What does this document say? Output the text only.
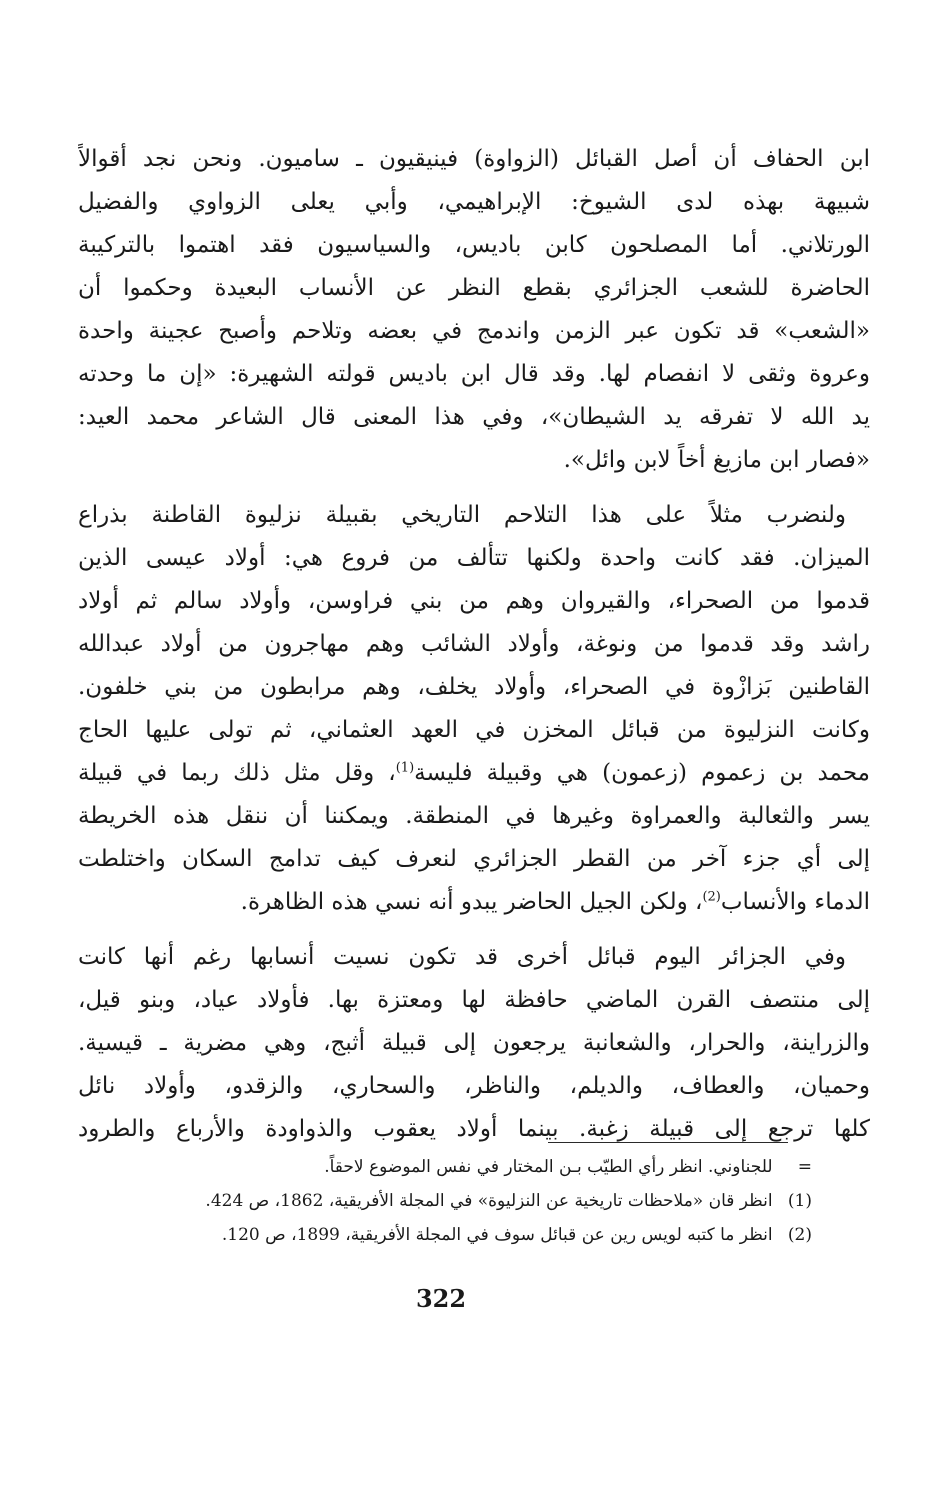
ابن الحفاف أن أصل القبائل (الزواوة) فينيقيون ـ ساميون. ونحن نجد أقوالاً
شبيهة بهذه لدى الشيوخ: الإبراهيمي، وأبي يعلى الزواوي والفضيل
الورتلاني. أما المصلحون كابن باديس، والسياسيون فقد اهتموا بالتركيبة
الحاضرة للشعب الجزائري بقطع النظر عن الأنساب البعيدة وحكموا أن
«الشعب» قد تكون عبر الزمن واندمج في بعضه وتلاحم وأصبح عجينة واحدة
وعروة وثقى لا انفصام لها. وقد قال ابن باديس قولته الشهيرة: «إن ما وحدته
يد الله لا تفرقه يد الشيطان»، وفي هذا المعنى قال الشاعر محمد العيد:
«فصار ابن مازيغ أخاً لابن وائل».
ولنضرب مثلاً على هذا التلاحم التاريخي بقبيلة نزليوة القاطنة بذراع
الميزان. فقد كانت واحدة ولكنها تتألف من فروع هي: أولاد عيسى الذين
قدموا من الصحراء، والقيروان وهم من بني فراوسن، وأولاد سالم ثم أولاد
راشد وقد قدموا من ونوغة، وأولاد الشائب وهم مهاجرون من أولاد عبدالله
القاطنين بَزازْوة في الصحراء، وأولاد يخلف، وهم مرابطون من بني خلفون.
وكانت النزليوة من قبائل المخزن في العهد العثماني، ثم تولى عليها الحاج
محمد بن زعموم (زعمون) هي وقبيلة فليسة$^{(1)}$، وقل مثل ذلك ربما في قبيلة
يسر والثعالبة والعمراوة وغيرها في المنطقة. ويمكننا أن ننقل هذه الخريطة
إلى أي جزء آخر من القطر الجزائري لنعرف كيف تدامج السكان واختلطت
الدماء والأنساب$^{(2)}$، ولكن الجيل الحاضر يبدو أنه نسي هذه الظاهرة.
وفي الجزائر اليوم قبائل أخرى قد تكون نسيت أنسابها رغم أنها كانت
إلى منتصف القرن الماضي حافظة لها ومعتزة بها. فأولاد عياد، وبنو قيل،
والزراينة، والحرار، والشعانبة يرجعون إلى قبيلة أثبج، وهي مضرية ـ قيسية.
وحميان، والعطاف، والديلم، والناظر، والسحاري، والزقدو، وأولاد نائل
كلها ترجع إلى قبيلة زغبة. بينما أولاد يعقوب والذواودة والأرباع والطرود
= للجناوني. انظر رأي الطيّب بـن المختار في نفس الموضوع لاحقاً.
(1) انظر قان «ملاحظات تاريخية عن النزليوة» في المجلة الأفريقية، 1862، ص 424.
(2) انظر ما كتبه لويس رين عن قبائل سوف في المجلة الأفريقية، 1899، ص 120.
322
